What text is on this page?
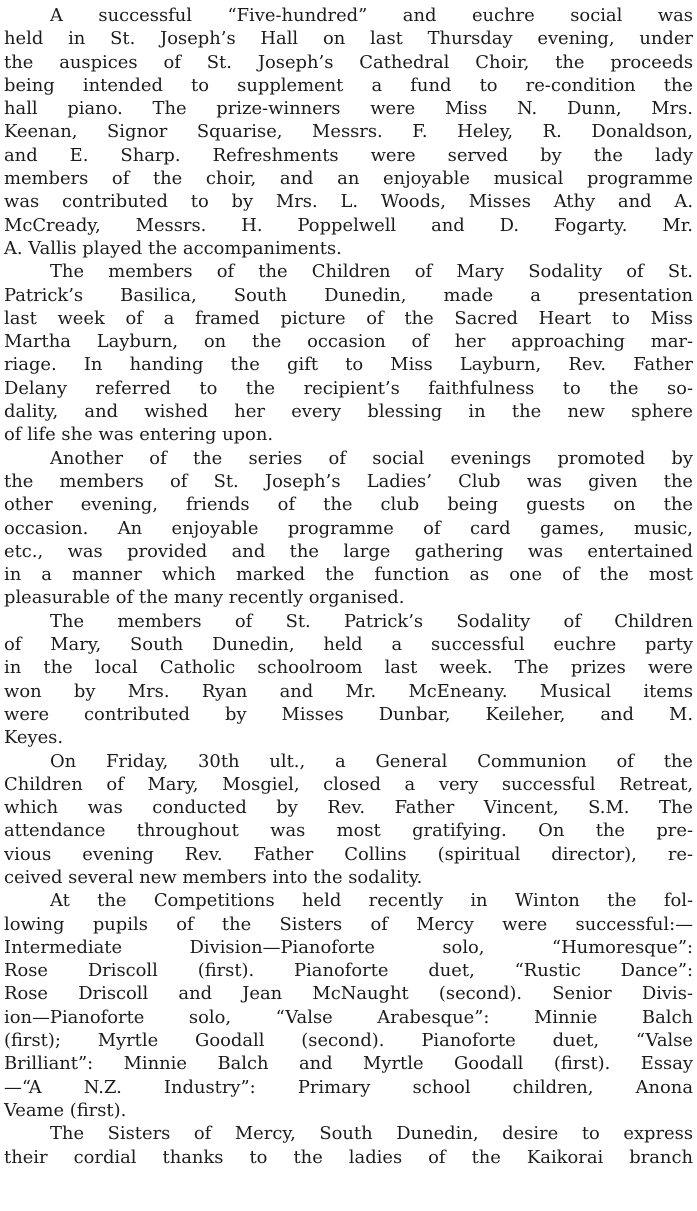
A successful “Five-hundred” and euchre social was
held in St. Joseph’s Hall on last Thursday evening, under
the auspices of St. Joseph’s Cathedral Choir, the proceeds
being intended to supplement a fund to re-condition the
hall piano. The prize-winners were Miss N. Dunn, Mrs.
Keenan, Signor Squarise, Messrs. F. Heley, R. Donaldson,
and E. Sharp. Refreshments were served by the lady
members of the choir, and an enjoyable musical programme
was contributed to by Mrs. L. Woods, Misses Athy and A.
McCready, Messrs. H. Poppelwell and D. Fogarty. Mr.
A. Vallis played the accompaniments.
The members of the Children of Mary Sodality of St.
Patrick’s Basilica, South Dunedin, made a presentation
last week of a framed picture of the Sacred Heart to Miss
Martha Layburn, on the occasion of her approaching mar-
riage. In handing the gift to Miss Layburn, Rev. Father
Delany referred to the recipient’s faithfulness to the so-
dality, and wished her every blessing in the new sphere
of life she was entering upon.
Another of the series of social evenings promoted by
the members of St. Joseph’s Ladies’ Club was given the
other evening, friends of the club being guests on the
occasion. An enjoyable programme of card games, music,
etc., was provided and the large gathering was entertained
in a manner which marked the function as one of the most
pleasurable of the many recently organised.
The members of St. Patrick’s Sodality of Children
of Mary, South Dunedin, held a successful euchre party
in the local Catholic schoolroom last week. The prizes were
won by Mrs. Ryan and Mr. McEneany. Musical items
were contributed by Misses Dunbar, Keileher, and M.
Keyes.
On Friday, 30th ult., a General Communion of the
Children of Mary, Mosgiel, closed a very successful Retreat,
which was conducted by Rev. Father Vincent, S.M. The
attendance throughout was most gratifying. On the pre-
vious evening Rev. Father Collins (spiritual director), re-
ceived several new members into the sodality.
At the Competitions held recently in Winton the fol-
lowing pupils of the Sisters of Mercy were successful:—
Intermediate Division—Pianoforte solo, “Humoresque”:
Rose Driscoll (first). Pianoforte duet, “Rustic Dance”:
Rose Driscoll and Jean McNaught (second). Senior Divis-
ion—Pianoforte solo, “Valse Arabesque”: Minnie Balch
(first); Myrtle Goodall (second). Pianoforte duet, “Valse
Brilliant”: Minnie Balch and Myrtle Goodall (first). Essay
—“A N.Z. Industry”: Primary school children, Anona
Veame (first).
The Sisters of Mercy, South Dunedin, desire to express
their cordial thanks to the ladies of the Kaikorai branch
